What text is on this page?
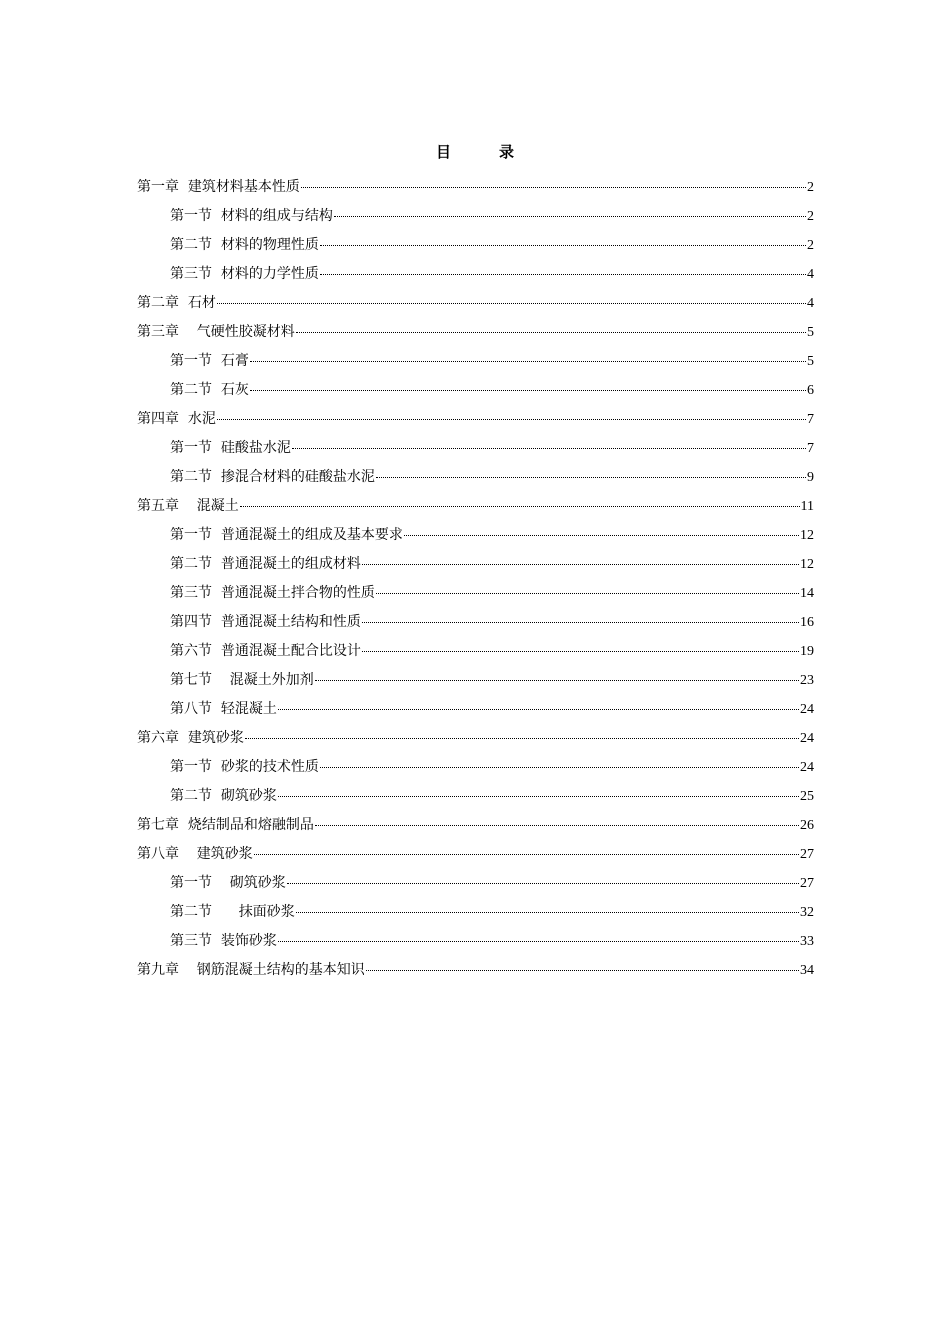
目录
第一章  建筑材料基本性质	2
第一节  材料的组成与结构	2
第二节  材料的物理性质	2
第三节  材料的力学性质	4
第二章  石材	4
第三章    气硬性胶凝材料	5
第一节  石膏	5
第二节  石灰	6
第四章  水泥	7
第一节  硅酸盐水泥	7
第二节  掺混合材料的硅酸盐水泥	9
第五章    混凝土	11
第一节  普通混凝土的组成及基本要求	12
第二节  普通混凝土的组成材料	12
第三节  普通混凝土拌合物的性质	14
第四节  普通混凝土结构和性质	16
第六节  普通混凝土配合比设计	19
第七节    混凝土外加剂	23
第八节  轻混凝土	24
第六章  建筑砂浆	24
第一节  砂浆的技术性质	24
第二节  砌筑砂浆	25
第七章  烧结制品和熔融制品	26
第八章    建筑砂浆	27
第一节    砌筑砂浆	27
第二节      抹面砂浆	32
第三节  装饰砂浆	33
第九章    钢筋混凝土结构的基本知识	34
